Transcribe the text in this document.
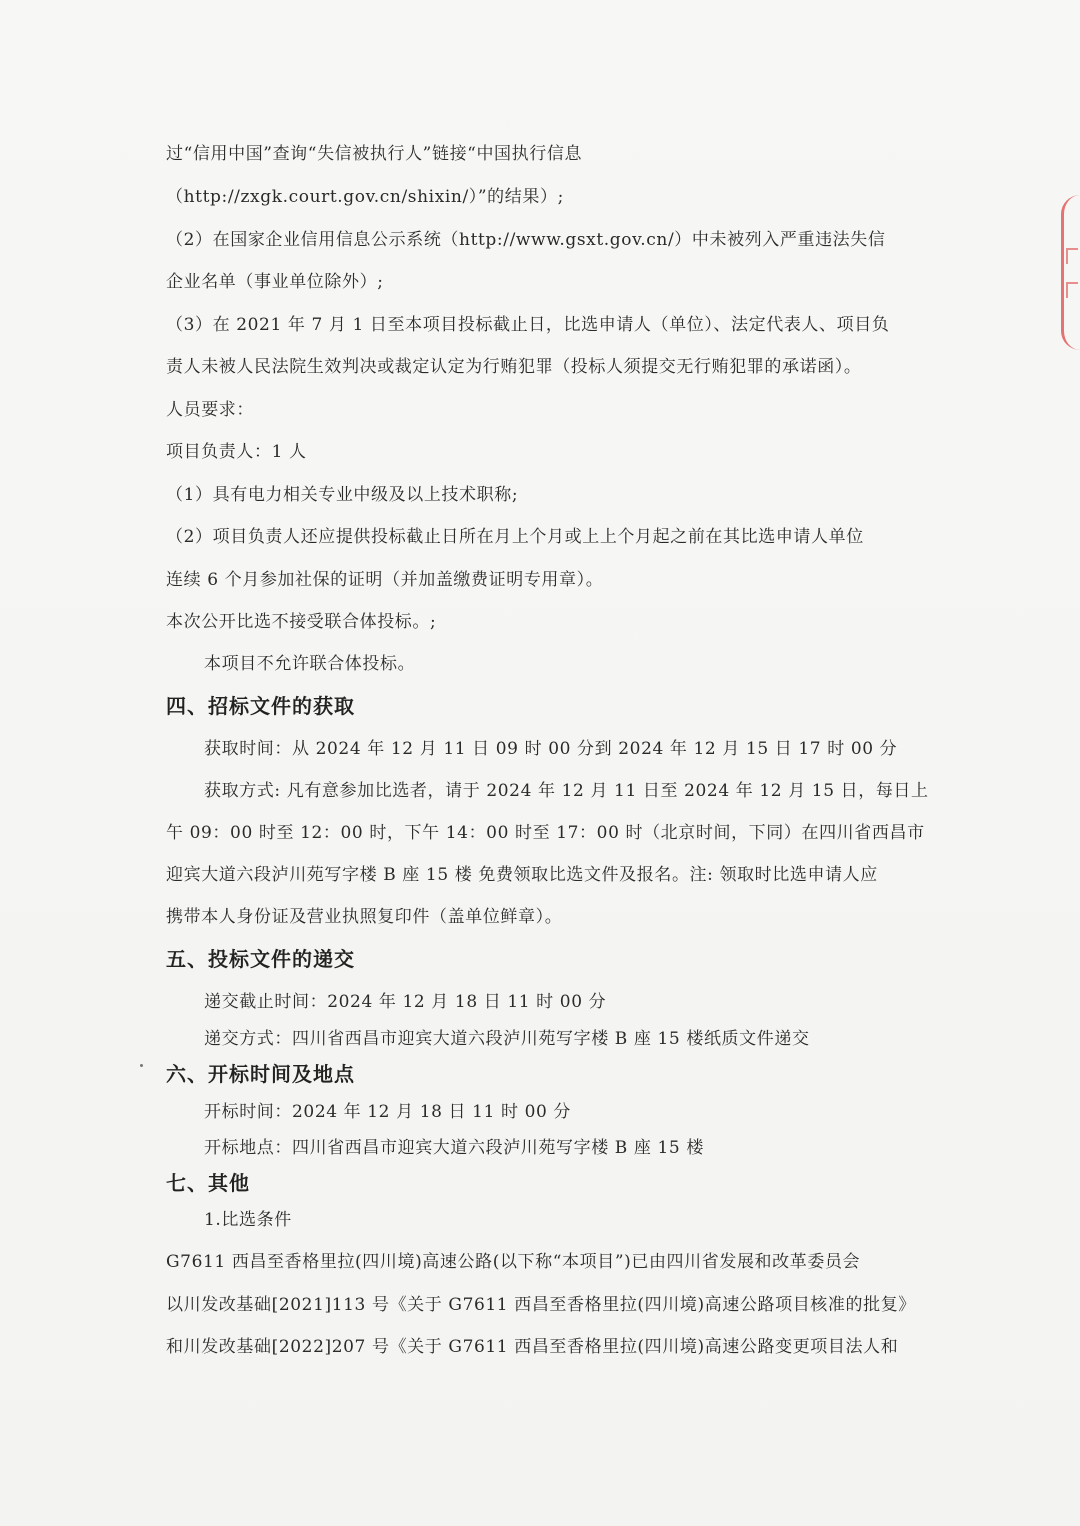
过“信用中国”查询“失信被执行人”链接“中国执行信息
（http://zxgk.court.gov.cn/shixin/）”的结果）;
（2）在国家企业信用信息公示系统（http://www.gsxt.gov.cn/）中未被列入严重违法失信
企业名单（事业单位除外）;
（3）在 2021 年 7 月 1 日至本项目投标截止日，比选申请人（单位）、法定代表人、项目负
责人未被人民法院生效判决或裁定认定为行贿犯罪（投标人须提交无行贿犯罪的承诺函）。
人员要求：
项目负责人：1 人
（1）具有电力相关专业中级及以上技术职称;
（2）项目负责人还应提供投标截止日所在月上个月或上上个月起之前在其比选申请人单位
连续 6 个月参加社保的证明（并加盖缴费证明专用章）。
本次公开比选不接受联合体投标。;
本项目不允许联合体投标。
四、招标文件的获取
获取时间：从 2024 年 12 月 11 日 09 时 00 分到 2024 年 12 月 15 日 17 时 00 分
获取方式: 凡有意参加比选者，请于 2024 年 12 月 11 日至 2024 年 12 月 15 日，每日上
午 09：00 时至 12：00 时，下午 14：00 时至 17：00 时（北京时间，下同）在四川省西昌市
迎宾大道六段泸川苑写字楼 B 座 15 楼 免费领取比选文件及报名。注: 领取时比选申请人应
携带本人身份证及营业执照复印件（盖单位鲜章）。
五、投标文件的递交
递交截止时间：2024 年 12 月 18 日 11 时 00 分
递交方式：四川省西昌市迎宾大道六段泸川苑写字楼 B 座 15 楼纸质文件递交
六、开标时间及地点
开标时间：2024 年 12 月 18 日 11 时 00 分
开标地点：四川省西昌市迎宾大道六段泸川苑写字楼 B 座 15 楼
七、其他
1.比选条件
G7611 西昌至香格里拉(四川境)高速公路(以下称“本项目”)已由四川省发展和改革委员会
以川发改基础[2021]113 号《关于 G7611 西昌至香格里拉(四川境)高速公路项目核准的批复》
和川发改基础[2022]207 号《关于 G7611 西昌至香格里拉(四川境)高速公路变更项目法人和
